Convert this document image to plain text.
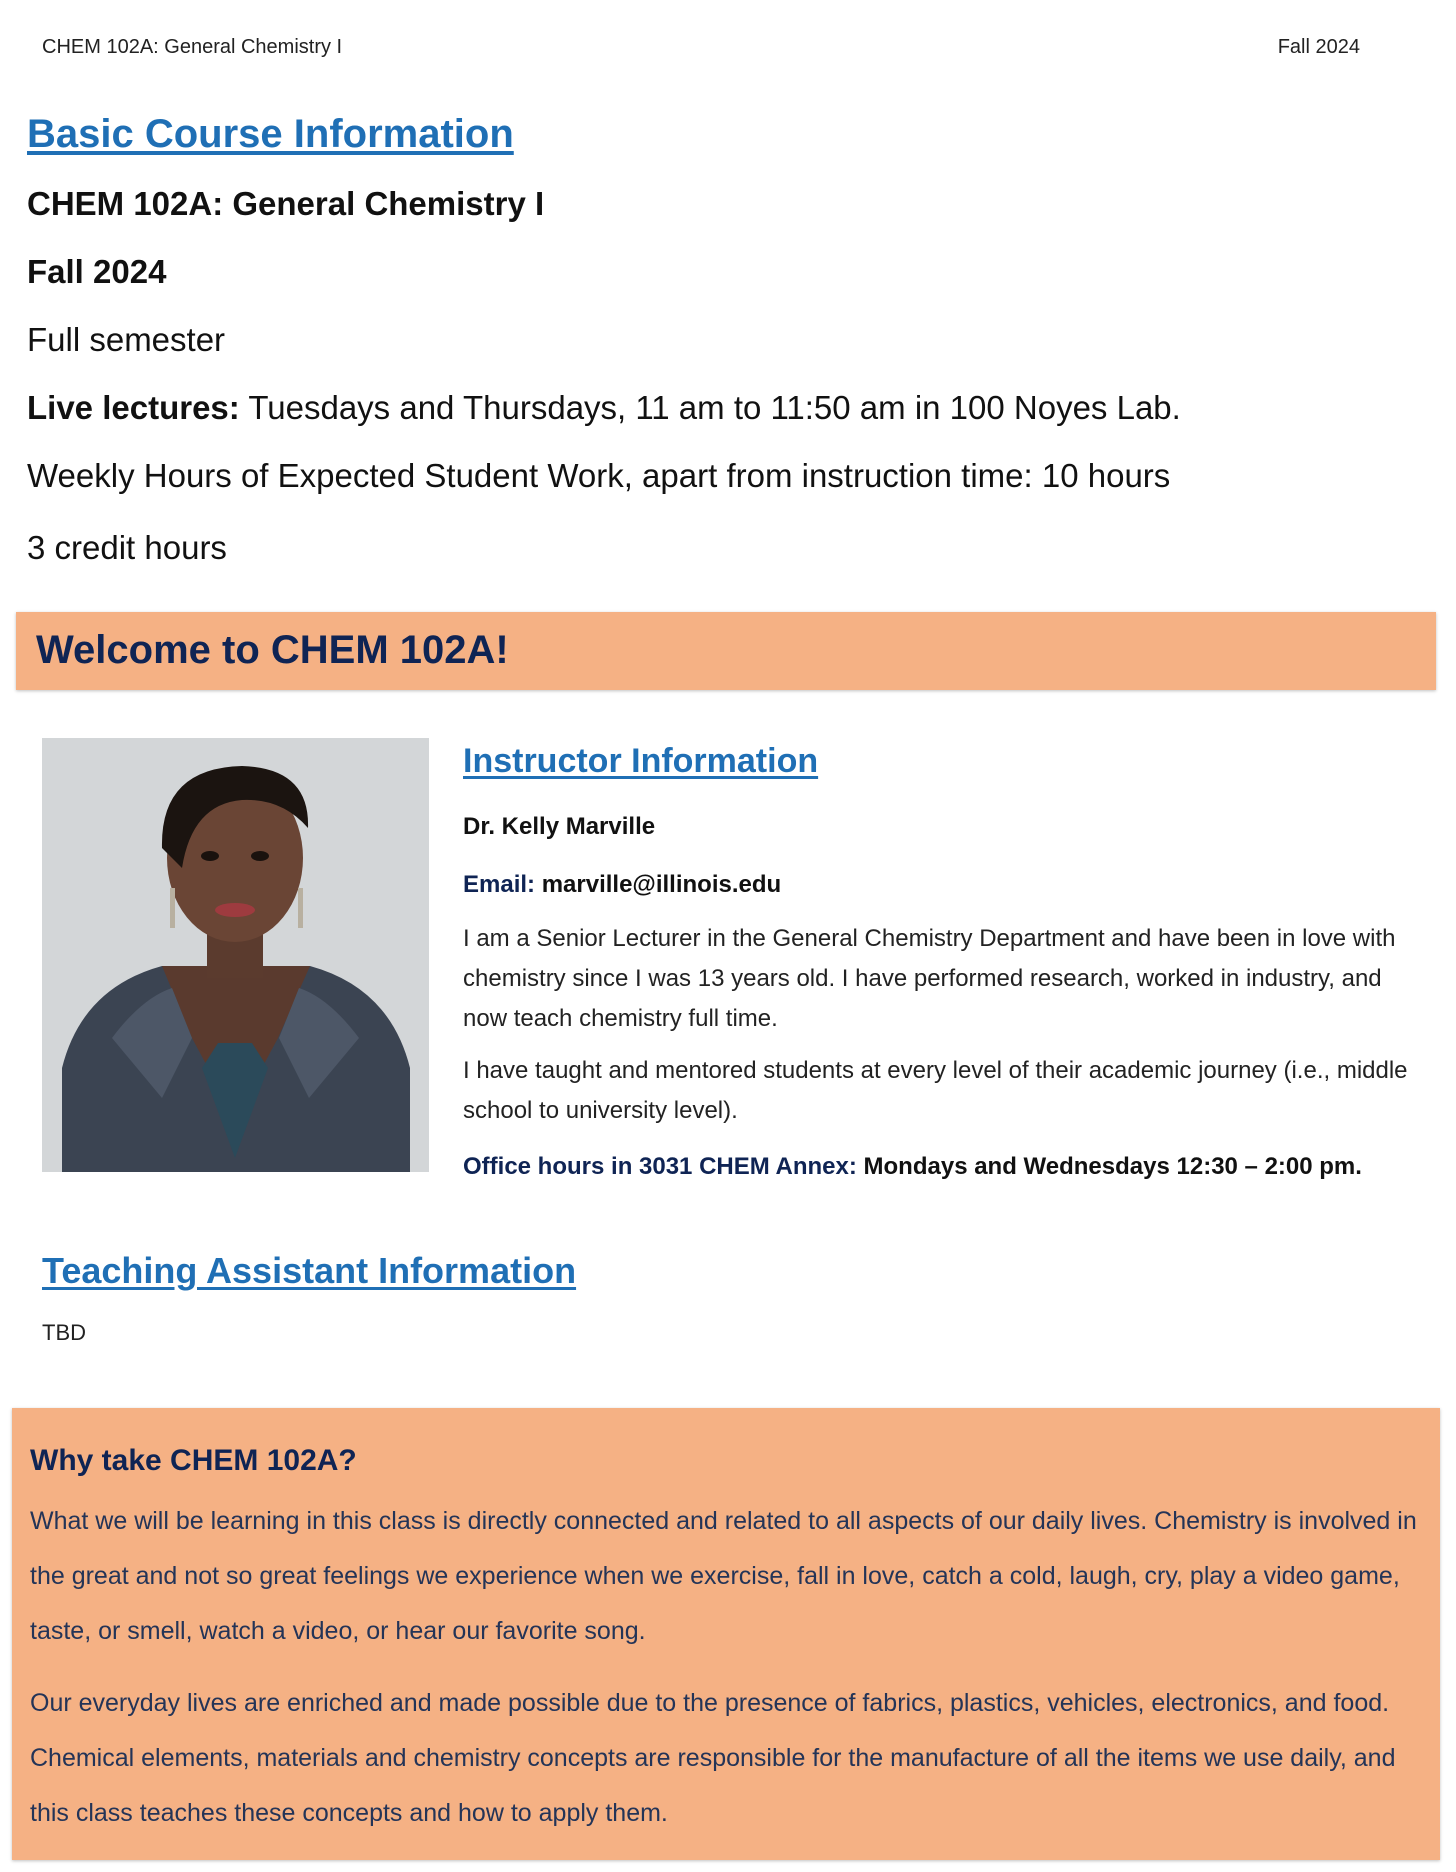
CHEM 102A: General Chemistry I	Fall 2024
Basic Course Information

CHEM 102A: General Chemistry I

Fall 2024

Full semester

Live lectures: Tuesdays and Thursdays, 11 am to 11:50 am in 100 Noyes Lab.

Weekly Hours of Expected Student Work, apart from instruction time: 10 hours

3 credit hours

Welcome to CHEM 102A!
Instructor Information

Dr. Kelly Marville

Email: marville@illinois.edu

I am a Senior Lecturer in the General Chemistry Department and have been in love with chemistry since I was 13 years old. I have performed research, worked in industry, and now teach chemistry full time.

I have taught and mentored students at every level of their academic journey (i.e., middle school to university level).

Office hours in 3031 CHEM Annex: Mondays and Wednesdays 12:30 – 2:00 pm.

Teaching Assistant Information

TBD

Why take CHEM 102A?

What we will be learning in this class is directly connected and related to all aspects of our daily lives. Chemistry is involved in the great and not so great feelings we experience when we exercise, fall in love, catch a cold, laugh, cry, play a video game, taste, or smell, watch a video, or hear our favorite song.

Our everyday lives are enriched and made possible due to the presence of fabrics, plastics, vehicles, electronics, and food. Chemical elements, materials and chemistry concepts are responsible for the manufacture of all the items we use daily, and this class teaches these concepts and how to apply them.
